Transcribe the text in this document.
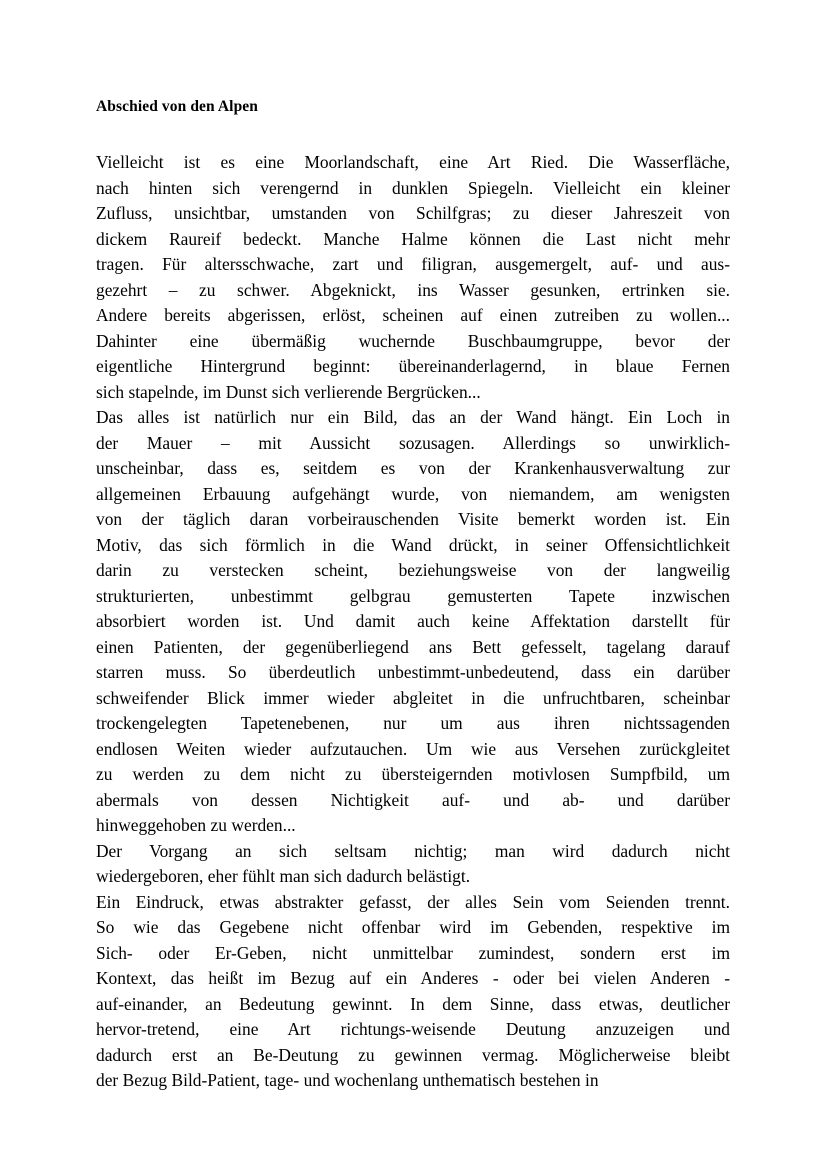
Abschied von den Alpen

Vielleicht ist es eine Moorlandschaft, eine Art Ried. Die Wasserfläche,
nach hinten sich verengernd in dunklen Spiegeln. Vielleicht ein kleiner
Zufluss, unsichtbar, umstanden von Schilfgras; zu dieser Jahreszeit von
dickem Raureif bedeckt. Manche Halme können die Last nicht mehr
tragen. Für altersschwache, zart und filigran, ausgemergelt, auf- und aus-
gezehrt – zu schwer. Abgeknickt, ins Wasser gesunken, ertrinken sie.
Andere bereits abgerissen, erlöst, scheinen auf einen zutreiben zu wollen...
Dahinter eine übermäßig wuchernde Buschbaumgruppe, bevor der
eigentliche Hintergrund beginnt: übereinanderlagernd, in blaue Fernen
sich stapelnde, im Dunst sich verlierende Bergrücken...

Das alles ist natürlich nur ein Bild, das an der Wand hängt. Ein Loch in
der Mauer – mit Aussicht sozusagen. Allerdings so unwirklich-
unscheinbar, dass es, seitdem es von der Krankenhausverwaltung zur
allgemeinen Erbauung aufgehängt wurde, von niemandem, am wenigsten
von der täglich daran vorbeirauschenden Visite bemerkt worden ist. Ein
Motiv, das sich förmlich in die Wand drückt, in seiner Offensichtlichkeit
darin zu verstecken scheint, beziehungsweise von der langweilig
strukturierten, unbestimmt gelbgrau gemusterten Tapete inzwischen
absorbiert worden ist. Und damit auch keine Affektation darstellt für
einen Patienten, der gegenüberliegend ans Bett gefesselt, tagelang darauf
starren muss. So überdeutlich unbestimmt-unbedeutend, dass ein darüber
schweifender Blick immer wieder abgleitet in die unfruchtbaren, scheinbar
trockengelegten Tapetenebenen, nur um aus ihren nichtssagenden
endlosen Weiten wieder aufzutauchen. Um wie aus Versehen zurückgleitet
zu werden zu dem nicht zu übersteigernden motivlosen Sumpfbild, um
abermals von dessen Nichtigkeit auf- und ab- und darüber
hinweggehoben zu werden...

Der Vorgang an sich seltsam nichtig; man wird dadurch nicht
wiedergeboren, eher fühlt man sich dadurch belästigt.

Ein Eindruck, etwas abstrakter gefasst, der alles Sein vom Seienden trennt.
So wie das Gegebene nicht offenbar wird im Gebenden, respektive im
Sich- oder Er-Geben, nicht unmittelbar zumindest, sondern erst im
Kontext, das heißt im Bezug auf ein Anderes - oder bei vielen Anderen -
auf-einander, an Bedeutung gewinnt. In dem Sinne, dass etwas, deutlicher
hervor-tretend, eine Art richtungs-weisende Deutung anzuzeigen und
dadurch erst an Be-Deutung zu gewinnen vermag. Möglicherweise bleibt
der Bezug Bild-Patient, tage- und wochenlang unthematisch bestehen in
